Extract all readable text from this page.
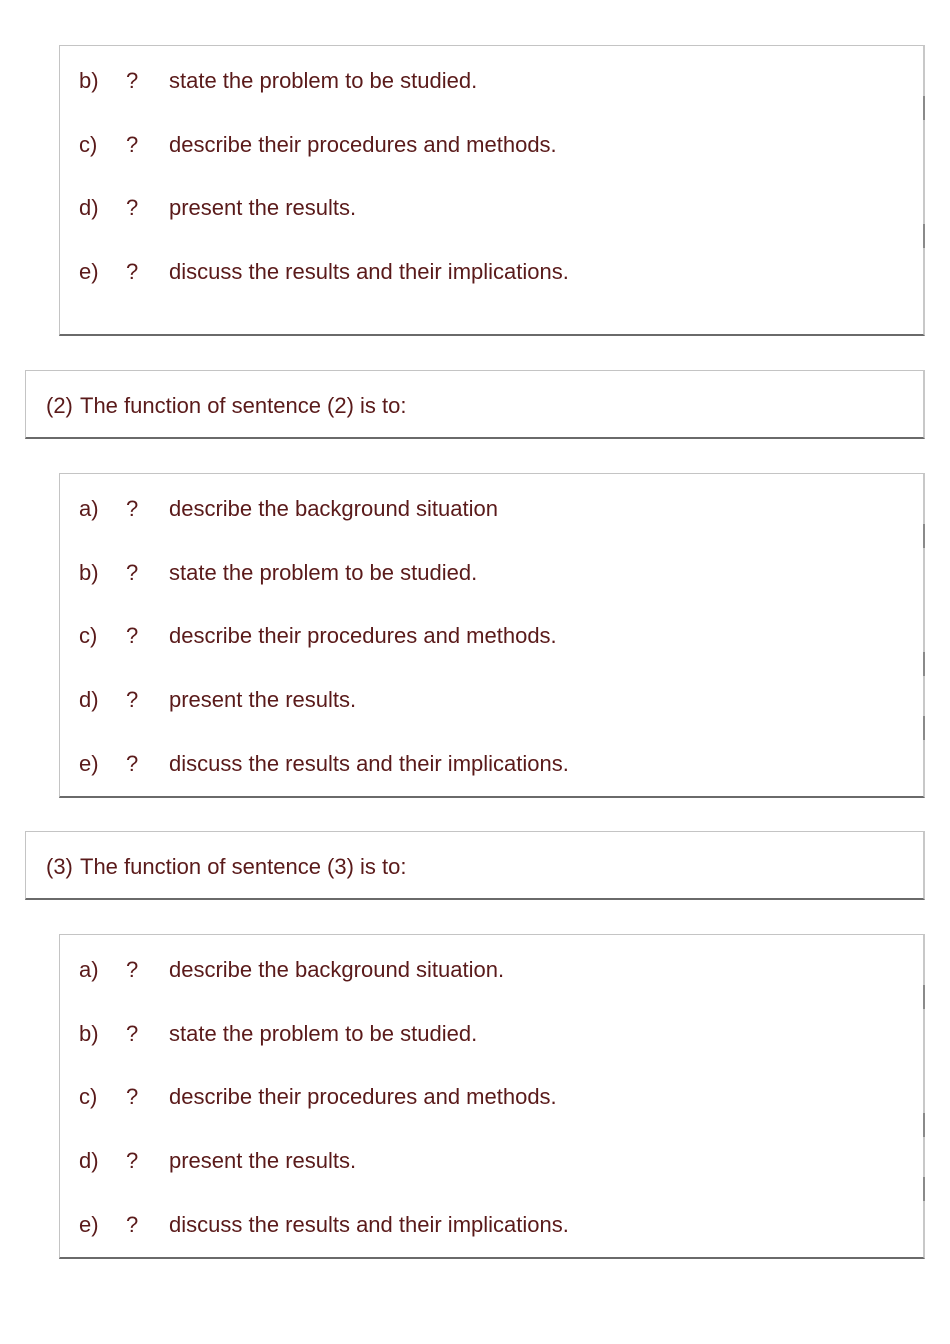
b) ? state the problem to be studied.
c) ? describe their procedures and methods.
d) ? present the results.
e) ? discuss the results and their implications.
(2) The function of sentence (2) is to:
a) ? describe the background situation
b) ? state the problem to be studied.
c) ? describe their procedures and methods.
d) ? present the results.
e) ? discuss the results and their implications.
(3) The function of sentence (3) is to:
a) ? describe the background situation.
b) ? state the problem to be studied.
c) ? describe their procedures and methods.
d) ? present the results.
e) ? discuss the results and their implications.
